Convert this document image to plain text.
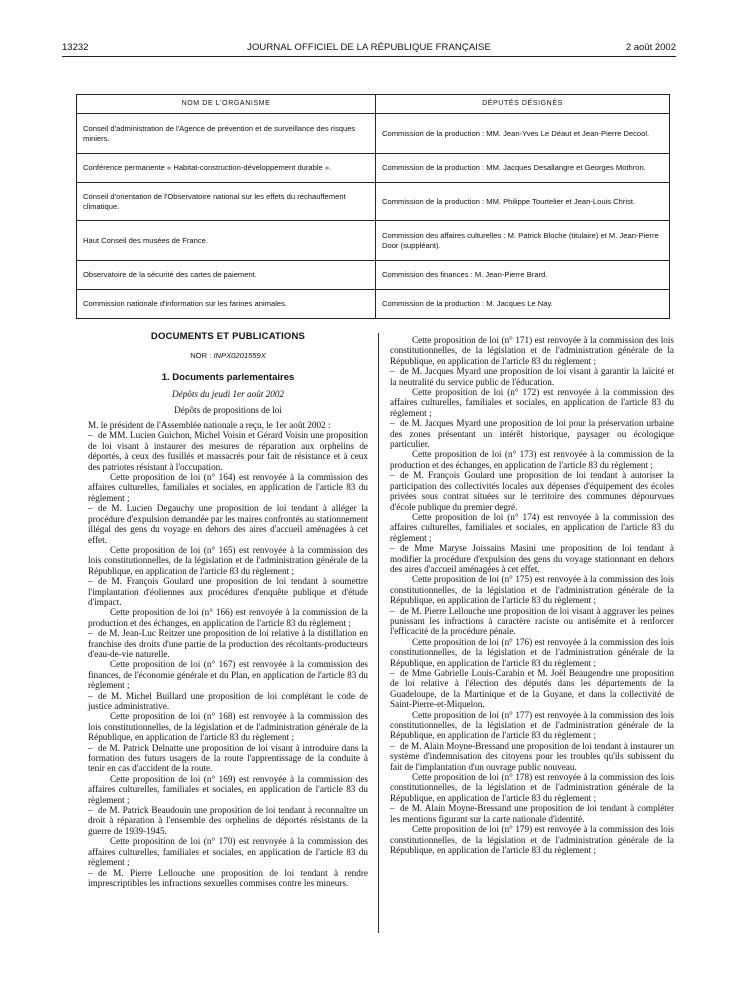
13232	JOURNAL OFFICIEL DE LA RÉPUBLIQUE FRANÇAISE	2 août 2002
NOM DE L'ORGANISME	DÉPUTÉS DÉSIGNÉS
Conseil d'administration de l'Agence de prévention et de surveillance des risques miniers.	Commission de la production : MM. Jean-Yves Le Déaut et Jean-Pierre Decool.
Conférence permanente « Habitat-construction-développement durable ».	Commission de la production : MM. Jacques Desallangre et Georges Mothron.
Conseil d'orientation de l'Observatoire national sur les effets du réchauffement climatique.	Commission de la production : MM. Philippe Tourtelier et Jean-Louis Christ.
Haut Conseil des musées de France.	Commission des affaires culturelles : M. Patrick Bloche (titulaire) et M. Jean-Pierre Door (suppléant).
Observatoire de la sécurité des cartes de paiement.	Commission des finances : M. Jean-Pierre Brard.
Commission nationale d'information sur les farines animales.	Commission de la production : M. Jacques Le Nay.
DOCUMENTS ET PUBLICATIONS
NOR : INPX0201559X
1. Documents parlementaires
Dépôts du jeudi 1er août 2002
Dépôts de propositions de loi

M. le président de l'Assemblée nationale a reçu, le 1er août 2002 :

– de MM. Lucien Guichon, Michel Voisin et Gérard Voisin une proposition de loi visant à instaurer des mesures de réparation aux orphelins de déportés, à ceux des fusillés et massacrés pour fait de résistance et à ceux des patriotes résistant à l'occupation.

Cette proposition de loi (n° 164) est renvoyée à la commission des affaires culturelles, familiales et sociales, en application de l'article 83 du règlement ;

– de M. Lucien Degauchy une proposition de loi tendant à alléger la procédure d'expulsion demandée par les maires confrontés au stationnement illégal des gens du voyage en dehors des aires d'accueil aménagées à cet effet.

Cette proposition de loi (n° 165) est renvoyée à la commission des lois constitutionnelles, de la législation et de l'administration générale de la République, en application de l'article 83 du règlement ;

– de M. François Goulard une proposition de loi tendant à soumettre l'implantation d'éoliennes aux procédures d'enquête publique et d'étude d'impact.

Cette proposition de loi (n° 166) est renvoyée à la commission de la production et des échanges, en application de l'article 83 du règlement ;

– de M. Jean-Luc Reitzer une proposition de loi relative à la distillation en franchise des droits d'une partie de la production des récoltants-producteurs d'eau-de-vie naturelle.

Cette proposition de loi (n° 167) est renvoyée à la commission des finances, de l'économie générale et du Plan, en application de l'article 83 du règlement ;

– de M. Michel Buillard une proposition de loi complétant le code de justice administrative.

Cette proposition de loi (n° 168) est renvoyée à la commission des lois constitutionnelles, de la législation et de l'administration générale de la République, en application de l'article 83 du règlement ;

– de M. Patrick Delnatte une proposition de loi visant à introduire dans la formation des futurs usagers de la route l'apprentissage de la conduite à tenir en cas d'accident de la route.

Cette proposition de loi (n° 169) est renvoyée à la commission des affaires culturelles, familiales et sociales, en application de l'article 83 du règlement ;

– de M. Patrick Beaudouin une proposition de loi tendant à reconnaître un droit à réparation à l'ensemble des orphelins de déportés résistants de la guerre de 1939-1945.

Cette proposition de loi (n° 170) est renvoyée à la commission des affaires culturelles, familiales et sociales, en application de l'article 83 du règlement ;

– de M. Pierre Lellouche une proposition de loi tendant à rendre imprescriptibles les infractions sexuelles commises contre les mineurs.

Cette proposition de loi (n° 171) est renvoyée à la commission des lois constitutionnelles, de la législation et de l'administration générale de la République, en application de l'article 83 du règlement ;

– de M. Jacques Myard une proposition de loi visant à garantir la laïcité et la neutralité du service public de l'éducation.

Cette proposition de loi (n° 172) est renvoyée à la commission des affaires culturelles, familiales et sociales, en application de l'article 83 du règlement ;

– de M. Jacques Myard une proposition de loi pour la préservation urbaine des zones présentant un intérêt historique, paysager ou écologique particulier.

Cette proposition de loi (n° 173) est renvoyée à la commission de la production et des échanges, en application de l'article 83 du règlement ;

– de M. François Goulard une proposition de loi tendant à autoriser la participation des collectivités locales aux dépenses d'équipement des écoles privées sous contrat situées sur le territoire des communes dépourvues d'école publique du premier degré.

Cette proposition de loi (n° 174) est renvoyée à la commission des affaires culturelles, familiales et sociales, en application de l'article 83 du règlement ;

– de Mme Maryse Joissains Masini une proposition de loi tendant à modifier la procédure d'expulsion des gens du voyage stationnant en dehors des aires d'accueil aménagées à cet effet.

Cette proposition de loi (n° 175) est renvoyée à la commission des lois constitutionnelles, de la législation et de l'administration générale de la République, en application de l'article 83 du règlement ;

– de M. Pierre Lellouche une proposition de loi visant à aggraver les peines punissant les infractions à caractère raciste ou antisémite et à renforcer l'efficacité de la procédure pénale.

Cette proposition de loi (n° 176) est renvoyée à la commission des lois constitutionnelles, de la législation et de l'administration générale de la République, en application de l'article 83 du règlement ;

– de Mme Gabrielle Louis-Carabin et M. Joël Beaugendre une proposition de loi relative à l'élection des députés dans les départements de la Guadeloupe, de la Martinique et de la Guyane, et dans la collectivité de Saint-Pierre-et-Miquelon.

Cette proposition de loi (n° 177) est renvoyée à la commission des lois constitutionnelles, de la législation et de l'administration générale de la République, en application de l'article 83 du règlement ;

– de M. Alain Moyne-Bressand une proposition de loi tendant à instaurer un système d'indemnisation des citoyens pour les troubles qu'ils subissent du fait de l'implantation d'un ouvrage public nouveau.

Cette proposition de loi (n° 178) est renvoyée à la commission des lois constitutionnelles, de la législation et de l'administration générale de la République, en application de l'article 83 du règlement ;

– de M. Alain Moyne-Bressand une proposition de loi tendant à compléter les mentions figurant sur la carte nationale d'identité.

Cette proposition de loi (n° 179) est renvoyée à la commission des lois constitutionnelles, de la législation et de l'administration générale de la République, en application de l'article 83 du règlement ;
